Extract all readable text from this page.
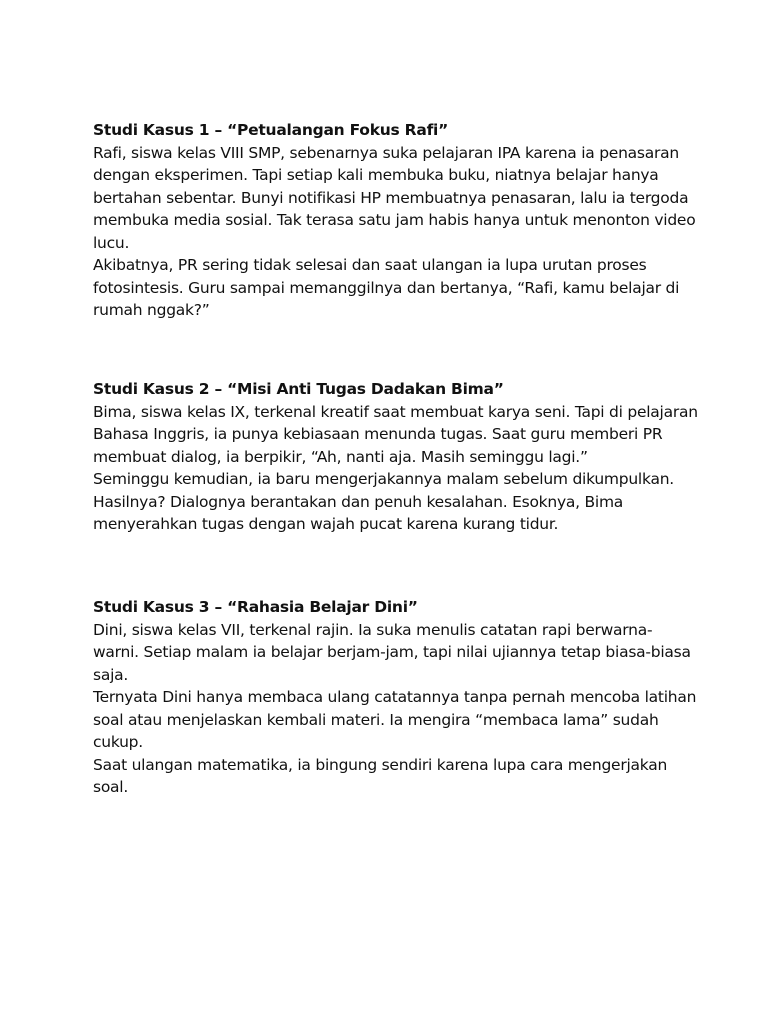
Studi Kasus 1 – “Petualangan Fokus Rafi”

Rafi, siswa kelas VIII SMP, sebenarnya suka pelajaran IPA karena ia penasaran

dengan eksperimen. Tapi setiap kali membuka buku, niatnya belajar hanya

bertahan sebentar. Bunyi notifikasi HP membuatnya penasaran, lalu ia tergoda

membuka media sosial. Tak terasa satu jam habis hanya untuk menonton video

lucu.

Akibatnya, PR sering tidak selesai dan saat ulangan ia lupa urutan proses

fotosintesis. Guru sampai memanggilnya dan bertanya, “Rafi, kamu belajar di

rumah nggak?”

Studi Kasus 2 – “Misi Anti Tugas Dadakan Bima”

Bima, siswa kelas IX, terkenal kreatif saat membuat karya seni. Tapi di pelajaran

Bahasa Inggris, ia punya kebiasaan menunda tugas. Saat guru memberi PR

membuat dialog, ia berpikir, “Ah, nanti aja. Masih seminggu lagi.”

Seminggu kemudian, ia baru mengerjakannya malam sebelum dikumpulkan.

Hasilnya? Dialognya berantakan dan penuh kesalahan. Esoknya, Bima

menyerahkan tugas dengan wajah pucat karena kurang tidur.

Studi Kasus 3 – “Rahasia Belajar Dini”

Dini, siswa kelas VII, terkenal rajin. Ia suka menulis catatan rapi berwarna-

warni. Setiap malam ia belajar berjam-jam, tapi nilai ujiannya tetap biasa-biasa

saja.

Ternyata Dini hanya membaca ulang catatannya tanpa pernah mencoba latihan

soal atau menjelaskan kembali materi. Ia mengira “membaca lama” sudah

cukup.

Saat ulangan matematika, ia bingung sendiri karena lupa cara mengerjakan

soal.
